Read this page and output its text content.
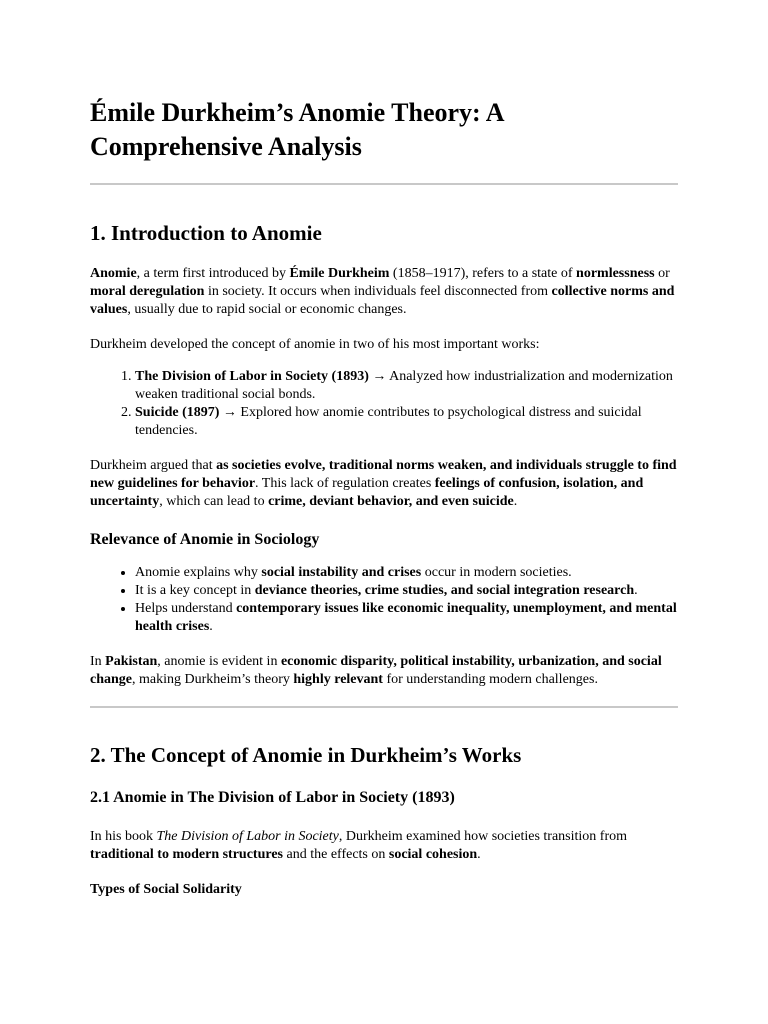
Émile Durkheim’s Anomie Theory: A Comprehensive Analysis
1. Introduction to Anomie

Anomie, a term first introduced by Émile Durkheim (1858–1917), refers to a state of normlessness or moral deregulation in society. It occurs when individuals feel disconnected from collective norms and values, usually due to rapid social or economic changes.

Durkheim developed the concept of anomie in two of his most important works:

1. The Division of Labor in Society (1893) → Analyzed how industrialization and modernization weaken traditional social bonds.
2. Suicide (1897) → Explored how anomie contributes to psychological distress and suicidal tendencies.

Durkheim argued that as societies evolve, traditional norms weaken, and individuals struggle to find new guidelines for behavior. This lack of regulation creates feelings of confusion, isolation, and uncertainty, which can lead to crime, deviant behavior, and even suicide.

Relevance of Anomie in Sociology
• Anomie explains why social instability and crises occur in modern societies.
• It is a key concept in deviance theories, crime studies, and social integration research.
• Helps understand contemporary issues like economic inequality, unemployment, and mental health crises.

In Pakistan, anomie is evident in economic disparity, political instability, urbanization, and social change, making Durkheim’s theory highly relevant for understanding modern challenges.

2. The Concept of Anomie in Durkheim’s Works
2.1 Anomie in The Division of Labor in Society (1893)

In his book The Division of Labor in Society, Durkheim examined how societies transition from traditional to modern structures and the effects on social cohesion.

Types of Social Solidarity
